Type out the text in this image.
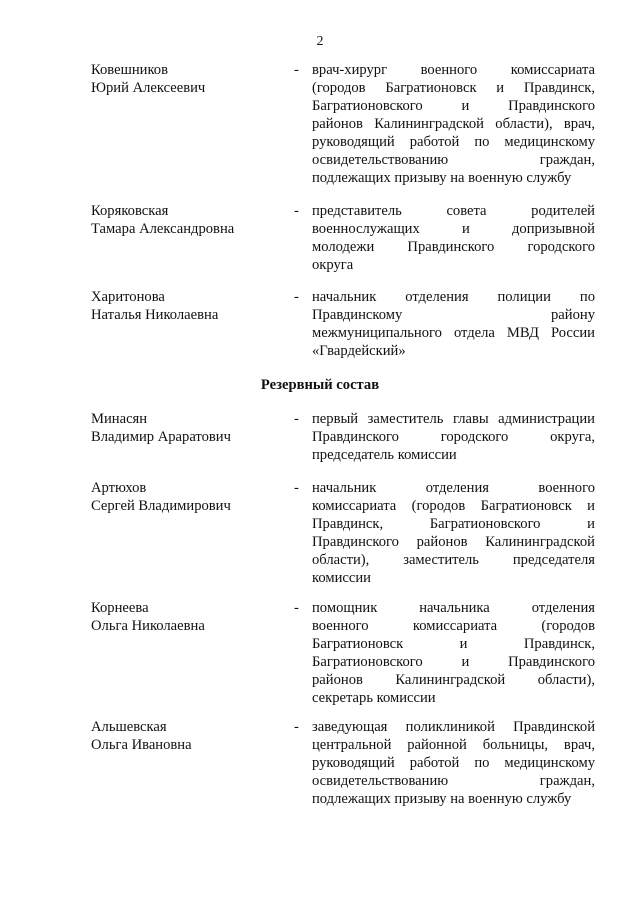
2
Ковешников
Юрий Алексеевич
- врач-хирург военного комиссариата
(городов Багратионовск и Правдинск,
Багратионовского и Правдинского
районов Калининградской области), врач,
руководящий работой по медицинскому
освидетельствованию граждан,
подлежащих призыву на военную службу
Коряковская
Тамара Александровна
- представитель совета родителей
военнослужащих и допризывной
молодежи Правдинского городского
округа
Харитонова
Наталья Николаевна
- начальник отделения полиции по
Правдинскому району
межмуниципального отдела МВД России
«Гвардейский»
Резервный состав
Минасян
Владимир Араратович
- первый заместитель главы администрации
Правдинского городского округа,
председатель комиссии
Артюхов
Сергей Владимирович
- начальник отделения военного
комиссариата (городов Багратионовск и
Правдинск, Багратионовского и
Правдинского районов Калининградской
области), заместитель председателя
комиссии
Корнеева
Ольга Николаевна
- помощник начальника отделения
военного комиссариата (городов
Багратионовск и Правдинск,
Багратионовского и Правдинского
районов Калининградской области),
секретарь комиссии
Альшевская
Ольга Ивановна
- заведующая поликлиникой Правдинской
центральной районной больницы, врач,
руководящий работой по медицинскому
освидетельствованию граждан,
подлежащих призыву на военную службу
